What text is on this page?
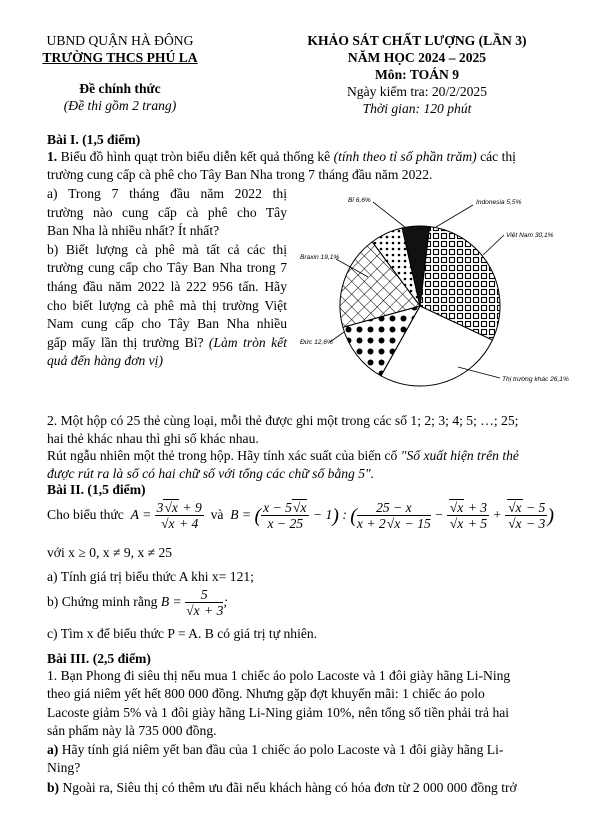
UBND QUẬN HÀ ĐÔNG
TRƯỜNG THCS PHÚ LA
Đề chính thức
(Đề thi gồm 2 trang)
KHẢO SÁT CHẤT LƯỢNG (LẦN 3)
NĂM HỌC 2024 – 2025
Môn: TOÁN 9
Ngày kiểm tra: 20/2/2025
Thời gian: 120 phút
Bài I. (1,5 điểm)
1. Biểu đồ hình quạt tròn biểu diễn kết quả thống kê (tính theo tỉ số phần trăm) các thị
trường cung cấp cà phê cho Tây Ban Nha trong 7 tháng đầu năm 2022.
a) Trong 7 tháng đầu năm 2022 thị
trường nào cung cấp cà phê cho Tây
Ban Nha là nhiều nhất? Ít nhất?
b) Biết lượng cà phê mà tất cả các thị
trường cung cấp cho Tây Ban Nha trong 7
tháng đầu năm 2022 là 222 956 tấn. Hãy
cho biết lượng cà phê mà thị trường Việt
Nam cung cấp cho Tây Ban Nha nhiều
gấp mấy lần thị trường Bỉ? (Làm tròn kết
quả đến hàng đơn vị)
Việt Nam 30,1%
Thị trường khác 26,1%
Đức 12,6%
Braxin 19,1%
Bỉ 6,6%	Indonesia 5,5%
2. Một hộp có 25 thẻ cùng loại, mỗi thẻ được ghi một trong các số 1; 2; 3; 4; 5; …; 25;
hai thẻ khác nhau thì ghi số khác nhau.
Rút ngẫu nhiên một thẻ trong hộp. Hãy tính xác suất của biến cố "Số xuất hiện trên thẻ
được rút ra là số có hai chữ số với tổng các chữ số bằng 5".
Bài II. (1,5 điểm)
Cho biểu thức $A = \frac{3√x + 9}{√x + 4}$ và B = ( $\frac{x - 5√x}{x - 25} - 1$) : ( $\frac{25 - x}{x + 2√x - 15} - \frac{√x + 3}{√x + 5} + \frac{√x - 5}{√x - 3}$ )
với x ≥ 0, x ≠ 9, x ≠ 25
a) Tính giá trị biểu thức A khi x= 121;
b) Chứng minh rằng $B = \frac{5}{√x + 3}$ ;
c) Tìm x để biểu thức P = A. B có giá trị tự nhiên.
Bài III. (2,5 điểm)
1. Bạn Phong đi siêu thị nếu mua 1 chiếc áo polo Lacoste và 1 đôi giày hãng Li-Ning
theo giá niêm yết hết 800 000 đồng. Nhưng gặp đợt khuyến mãi: 1 chiếc áo polo
Lacoste giảm 5% và 1 đôi giày hãng Li-Ning giảm 10%, nên tổng số tiền phải trả hai
sản phẩm này là 735 000 đồng.
a) Hãy tính giá niêm yết ban đầu của 1 chiếc áo polo Lacoste và 1 đôi giày hãng Li-
Ning?
b) Ngoài ra, Siêu thị có thêm ưu đãi nếu khách hàng có hóa đơn từ 2 000 000 đồng trở
